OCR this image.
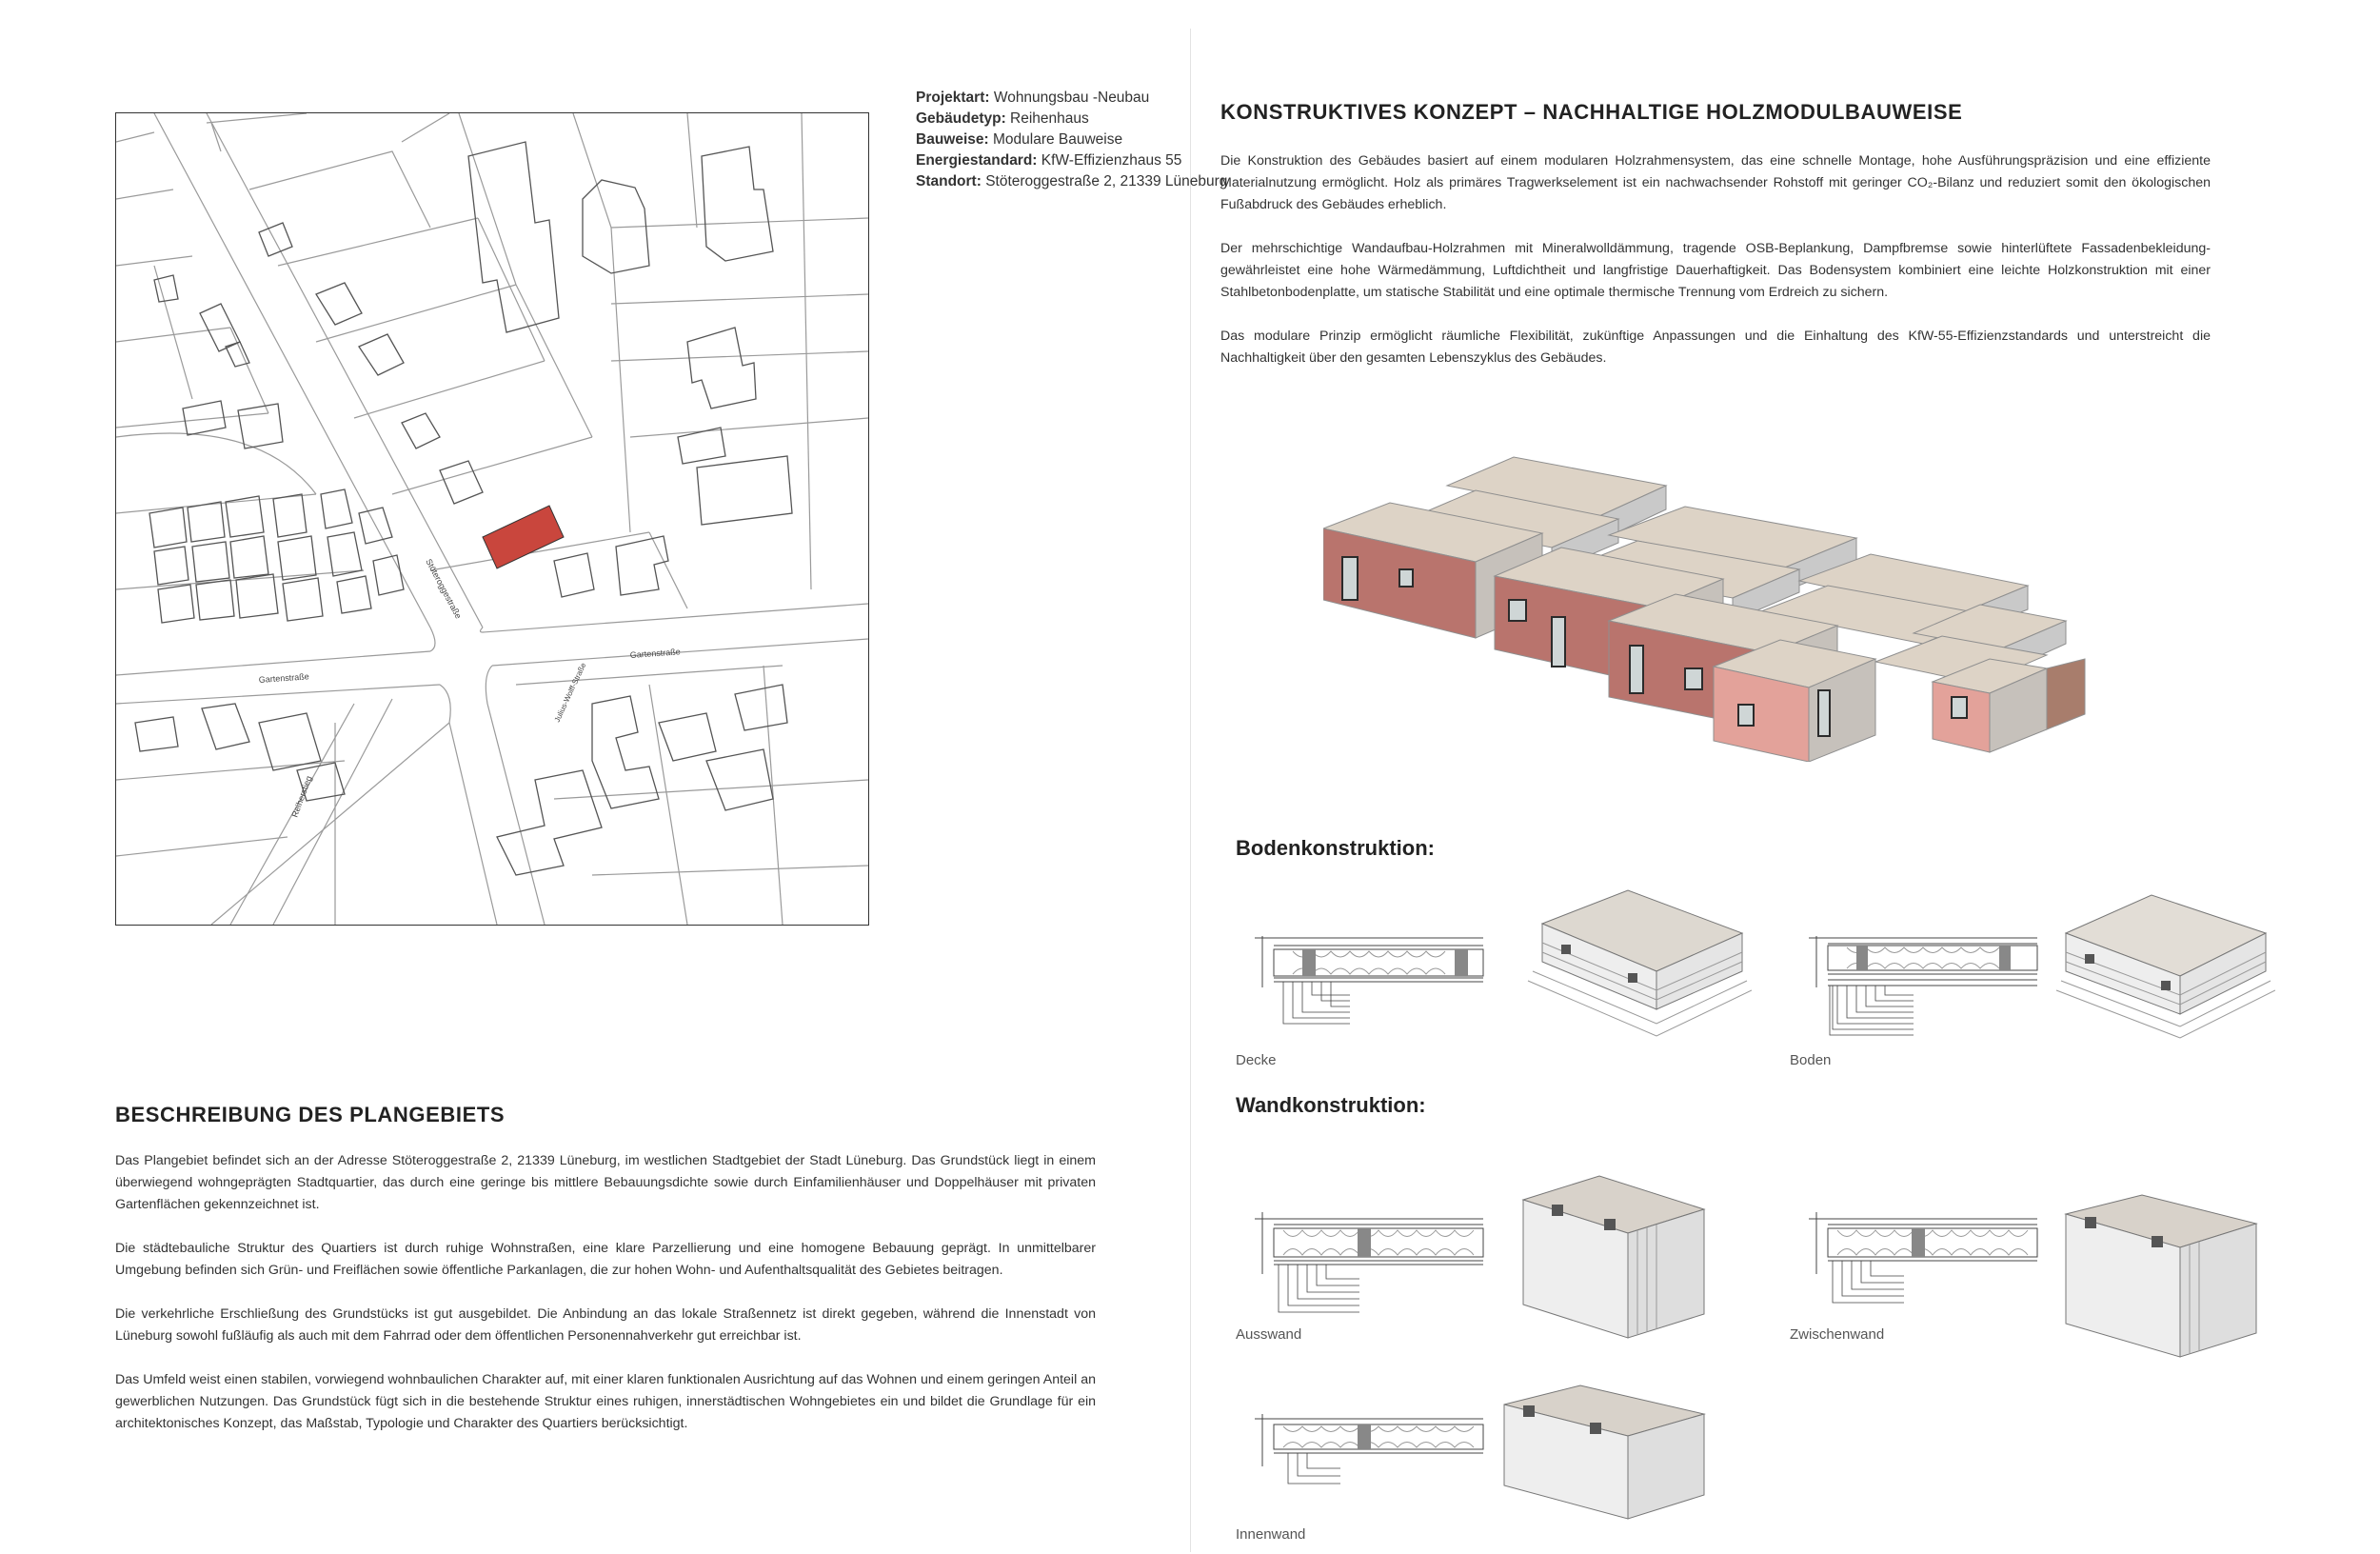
Stöteroggestraße
Gartenstraße
Gartenstraße
Reiherstieg
Julius-Wolff-Straße
Projektart: Wohnungsbau -Neubau
Gebäudetyp: Reihenhaus
Bauweise: Modulare Bauweise
Energiestandard: KfW-Effizienzhaus 55
Standort: Stöteroggestraße 2, 21339 Lüneburg
KONSTRUKTIVES KONZEPT – NACHHALTIGE HOLZMODULBAUWEISE

Die Konstruktion des Gebäudes basiert auf einem modularen Holzrahmensystem, das eine schnelle Montage, hohe Ausführungspräzision und eine effiziente Materialnutzung ermöglicht. Holz als primäres Tragwerkselement ist ein nachwachsender Rohstoff mit geringer CO₂-Bilanz und reduziert somit den ökologischen Fußabdruck des Gebäudes erheblich.

Der mehrschichtige Wandaufbau-Holzrahmen mit Mineralwolldämmung, tragende OSB-Beplankung, Dampfbremse sowie hinterlüftete Fassadenbekleidung-gewährleistet eine hohe Wärmedämmung, Luftdichtheit und langfristige Dauerhaftigkeit. Das Bodensystem kombiniert eine leichte Holzkonstruktion mit einer Stahlbetonbodenplatte, um statische Stabilität und eine optimale thermische Trennung vom Erdreich zu sichern.

Das modulare Prinzip ermöglicht räumliche Flexibilität, zukünftige Anpassungen und die Einhaltung des KfW-55-Effizienzstandards und unterstreicht die Nachhaltigkeit über den gesamten Lebenszyklus des Gebäudes.

Bodenkonstruktion:
Decke	Boden
Wandkonstruktion:
Ausswand	Zwischenwand
Innenwand
BESCHREIBUNG DES PLANGEBIETS

Das Plangebiet befindet sich an der Adresse Stöteroggestraße 2, 21339 Lüneburg, im westlichen Stadtgebiet der Stadt Lüneburg. Das Grundstück liegt in einem überwiegend wohngeprägten Stadtquartier, das durch eine geringe bis mittlere Bebauungsdichte sowie durch Einfamilienhäuser und Doppelhäuser mit privaten Gartenflächen gekennzeichnet ist.

Die städtebauliche Struktur des Quartiers ist durch ruhige Wohnstraßen, eine klare Parzellierung und eine homogene Bebauung geprägt. In unmittelbarer Umgebung befinden sich Grün- und Freiflächen sowie öffentliche Parkanlagen, die zur hohen Wohn- und Aufenthaltsqualität des Gebietes beitragen.

Die verkehrliche Erschließung des Grundstücks ist gut ausgebildet. Die Anbindung an das lokale Straßennetz ist direkt gegeben, während die Innenstadt von Lüneburg sowohl fußläufig als auch mit dem Fahrrad oder dem öffentlichen Personennahverkehr gut erreichbar ist.

Das Umfeld weist einen stabilen, vorwiegend wohnbaulichen Charakter auf, mit einer klaren funktionalen Ausrichtung auf das Wohnen und einem geringen Anteil an gewerblichen Nutzungen. Das Grundstück fügt sich in die bestehende Struktur eines ruhigen, innerstädtischen Wohngebietes ein und bildet die Grundlage für ein architektonisches Konzept, das Maßstab, Typologie und Charakter des Quartiers berücksichtigt.
